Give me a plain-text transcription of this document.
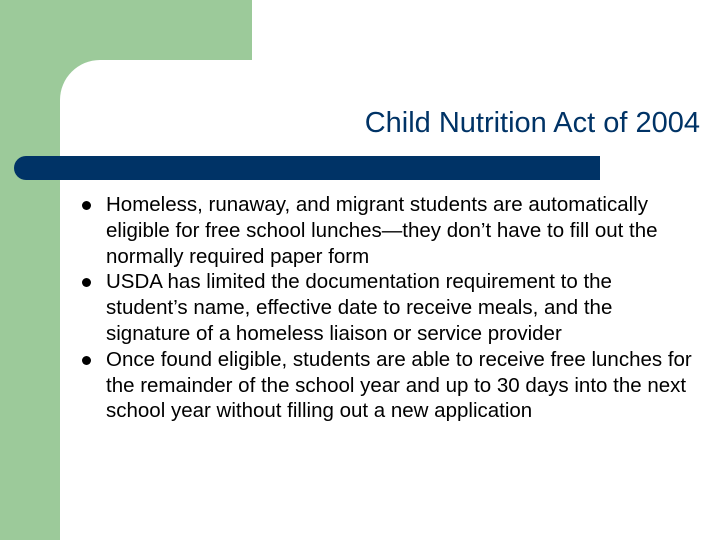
Child Nutrition Act of 2004
Homeless, runaway, and migrant students are automatically eligible for free school lunches—they don’t have to fill out the normally required paper form
USDA has limited the documentation requirement to the student’s name, effective date to receive meals, and the signature of a homeless liaison or service provider
Once found eligible, students are able to receive free lunches for the remainder of the school year and up to 30 days into the next school year without filling out a new application
